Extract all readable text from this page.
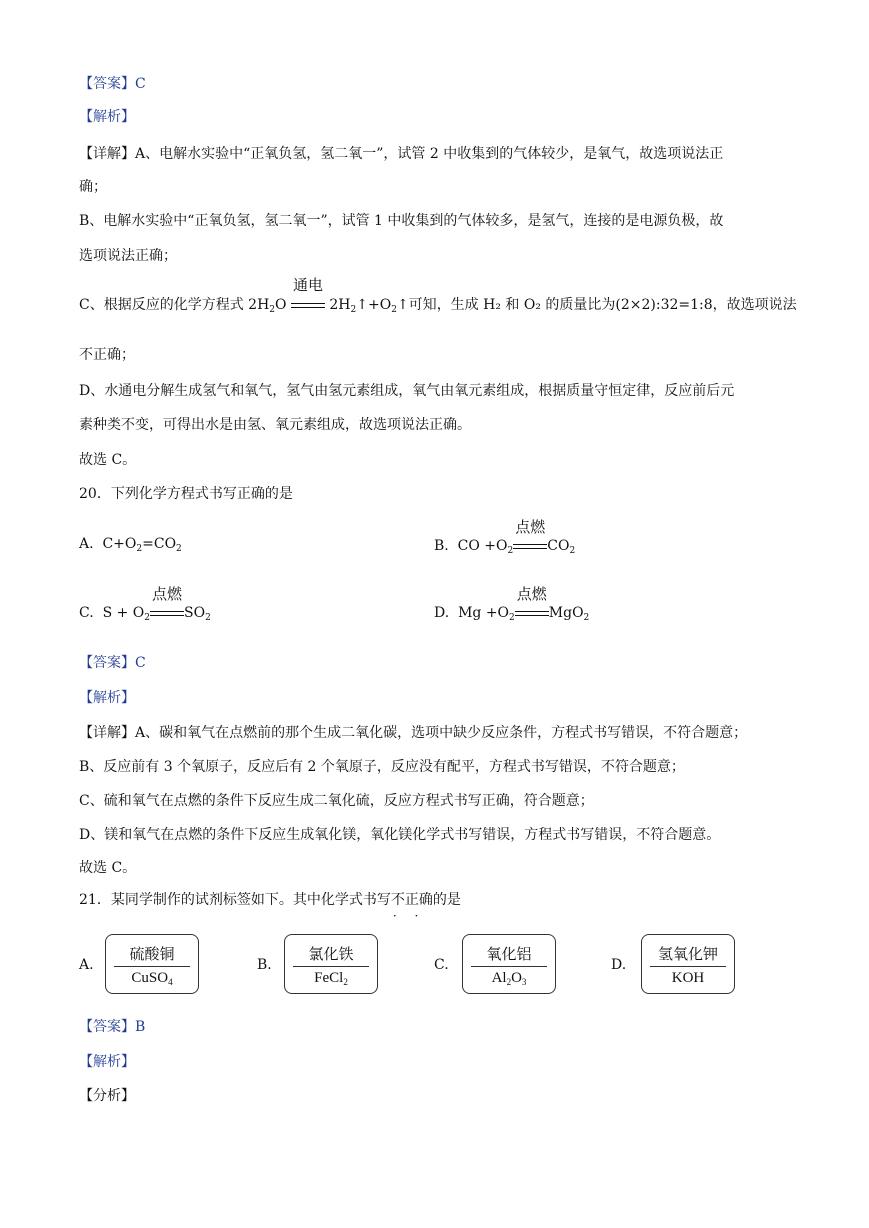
【答案】C
【解析】
【详解】A、电解水实验中“正氧负氢，氢二氧一”，试管 2 中收集到的气体较少，是氧气，故选项说法正
确；
B、电解水实验中“正氧负氢，氢二氧一”，试管 1 中收集到的气体较多，是氢气，连接的是电源负极，故
选项说法正确；
C、根据反应的化学方程式 $2H_2O$
通电
$2H_2↑+O_2↑$可知，生成 H₂ 和 O₂ 的质量比为(2×2):32=1:8，故选项说法
不正确；
D、水通电分解生成氢气和氧气，氢气由氢元素组成，氧气由氧元素组成，根据质量守恒定律，反应前后元
素种类不变，可得出水是由氢、氧元素组成，故选项说法正确。
故选 C。
20．下列化学方程式书写正确的是
A.  $C+O_2=CO_2$	B.  CO $+O_2$
点燃
$CO_2$
C.  $S + O_2$
点燃
$SO_2$	D.  $Mg +O_2$
点燃
MgO$_2$
【答案】C
【解析】
【详解】A、碳和氧气在点燃前的那个生成二氧化碳，选项中缺少反应条件，方程式书写错误，不符合题意；
B、反应前有 3 个氧原子，反应后有 2 个氧原子，反应没有配平，方程式书写错误，不符合题意；
C、硫和氧气在点燃的条件下反应生成二氧化硫，反应方程式书写正确，符合题意；
D、镁和氧气在点燃的条件下反应生成氧化镁，氧化镁化学式书写错误，方程式书写错误，不符合题意。
故选 C。
21．某同学制作的试剂标签如下。其中化学式书写不正确 · ·的是
A.
硫酸铜
CuSO$_4$
B.
氯化铁
FeCl$_2$
C.
氧化铝
$Al_2O_3$
D.
氢氧化钾
KOH
【答案】B
【解析】
【分析】
